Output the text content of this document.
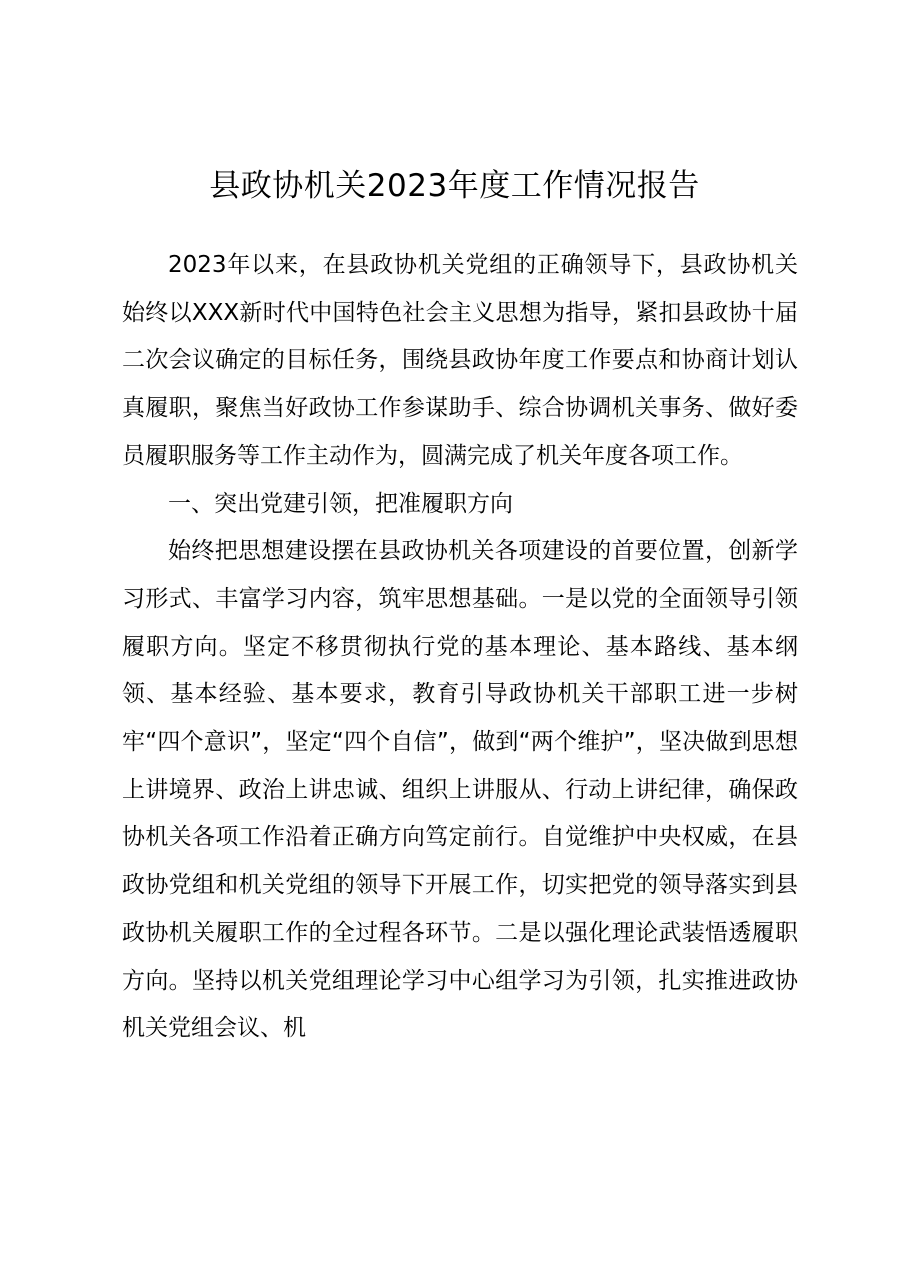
县政协机关2023年度工作情况报告

2023年以来，在县政协机关党组的正确领导下，县政协机关始终以XXX新时代中国特色社会主义思想为指导，紧扣县政协十届二次会议确定的目标任务，围绕县政协年度工作要点和协商计划认真履职，聚焦当好政协工作参谋助手、综合协调机关事务、做好委员履职服务等工作主动作为，圆满完成了机关年度各项工作。

一、突出党建引领，把准履职方向

始终把思想建设摆在县政协机关各项建设的首要位置，创新学习形式、丰富学习内容，筑牢思想基础。一是以党的全面领导引领履职方向。坚定不移贯彻执行党的基本理论、基本路线、基本纲领、基本经验、基本要求，教育引导政协机关干部职工进一步树牢“四个意识”，坚定“四个自信”，做到“两个维护”，坚决做到思想上讲境界、政治上讲忠诚、组织上讲服从、行动上讲纪律，确保政协机关各项工作沿着正确方向笃定前行。自觉维护中央权威，在县政协党组和机关党组的领导下开展工作，切实把党的领导落实到县政协机关履职工作的全过程各环节。二是以强化理论武装悟透履职方向。坚持以机关党组理论学习中心组学习为引领，扎实推进政协机关党组会议、机
